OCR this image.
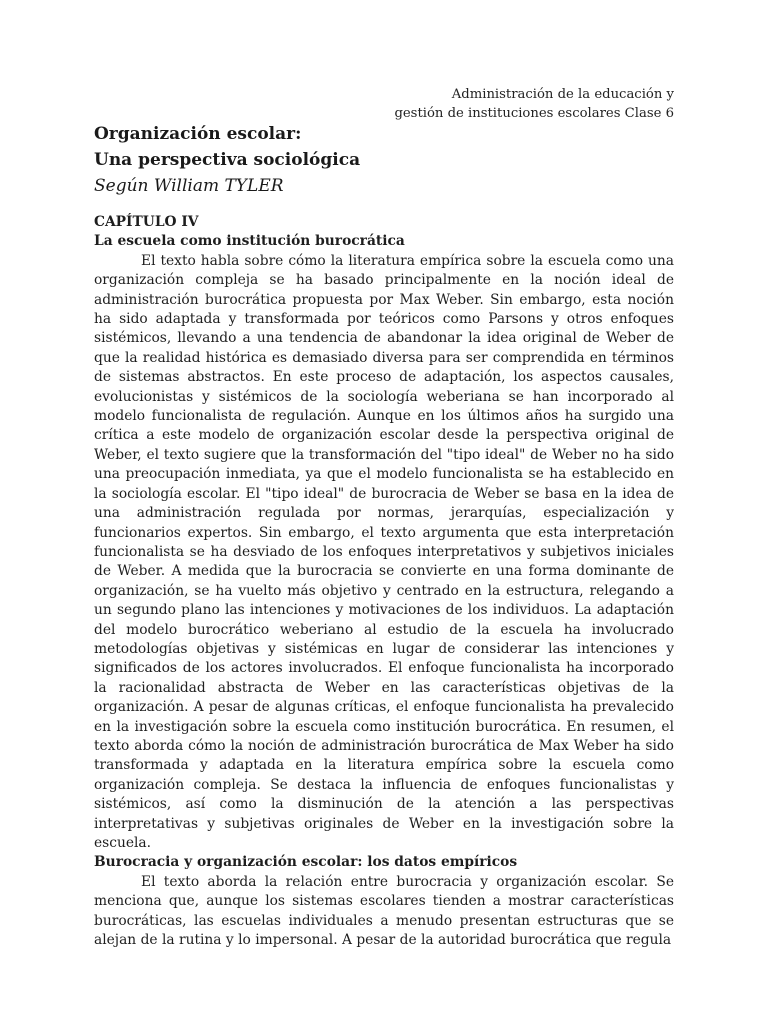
Administración de la educación y
gestión de instituciones escolares Clase 6

Organización escolar:

Una perspectiva sociológica

Según William TYLER

CAPÍTULO IV

La escuela como institución burocrática

El texto habla sobre cómo la literatura empírica sobre la escuela como una organización compleja se ha basado principalmente en la noción ideal de administración burocrática propuesta por Max Weber. Sin embargo, esta noción ha sido adaptada y transformada por teóricos como Parsons y otros enfoques sistémicos, llevando a una tendencia de abandonar la idea original de Weber de que la realidad histórica es demasiado diversa para ser comprendida en términos de sistemas abstractos. En este proceso de adaptación, los aspectos causales, evolucionistas y sistémicos de la sociología weberiana se han incorporado al modelo funcionalista de regulación. Aunque en los últimos años ha surgido una crítica a este modelo de organización escolar desde la perspectiva original de Weber, el texto sugiere que la transformación del "tipo ideal" de Weber no ha sido una preocupación inmediata, ya que el modelo funcionalista se ha establecido en la sociología escolar. El "tipo ideal" de burocracia de Weber se basa en la idea de una administración regulada por normas, jerarquías, especialización y funcionarios expertos. Sin embargo, el texto argumenta que esta interpretación funcionalista se ha desviado de los enfoques interpretativos y subjetivos iniciales de Weber. A medida que la burocracia se convierte en una forma dominante de organización, se ha vuelto más objetivo y centrado en la estructura, relegando a un segundo plano las intenciones y motivaciones de los individuos. La adaptación del modelo burocrático weberiano al estudio de la escuela ha involucrado metodologías objetivas y sistémicas en lugar de considerar las intenciones y significados de los actores involucrados. El enfoque funcionalista ha incorporado la racionalidad abstracta de Weber en las características objetivas de la organización. A pesar de algunas críticas, el enfoque funcionalista ha prevalecido en la investigación sobre la escuela como institución burocrática. En resumen, el texto aborda cómo la noción de administración burocrática de Max Weber ha sido transformada y adaptada en la literatura empírica sobre la escuela como organización compleja. Se destaca la influencia de enfoques funcionalistas y sistémicos, así como la disminución de la atención a las perspectivas interpretativas y subjetivas originales de Weber en la investigación sobre la escuela.

Burocracia y organización escolar: los datos empíricos

El texto aborda la relación entre burocracia y organización escolar. Se menciona que, aunque los sistemas escolares tienden a mostrar características burocráticas, las escuelas individuales a menudo presentan estructuras que se alejan de la rutina y lo impersonal. A pesar de la autoridad burocrática que regula
